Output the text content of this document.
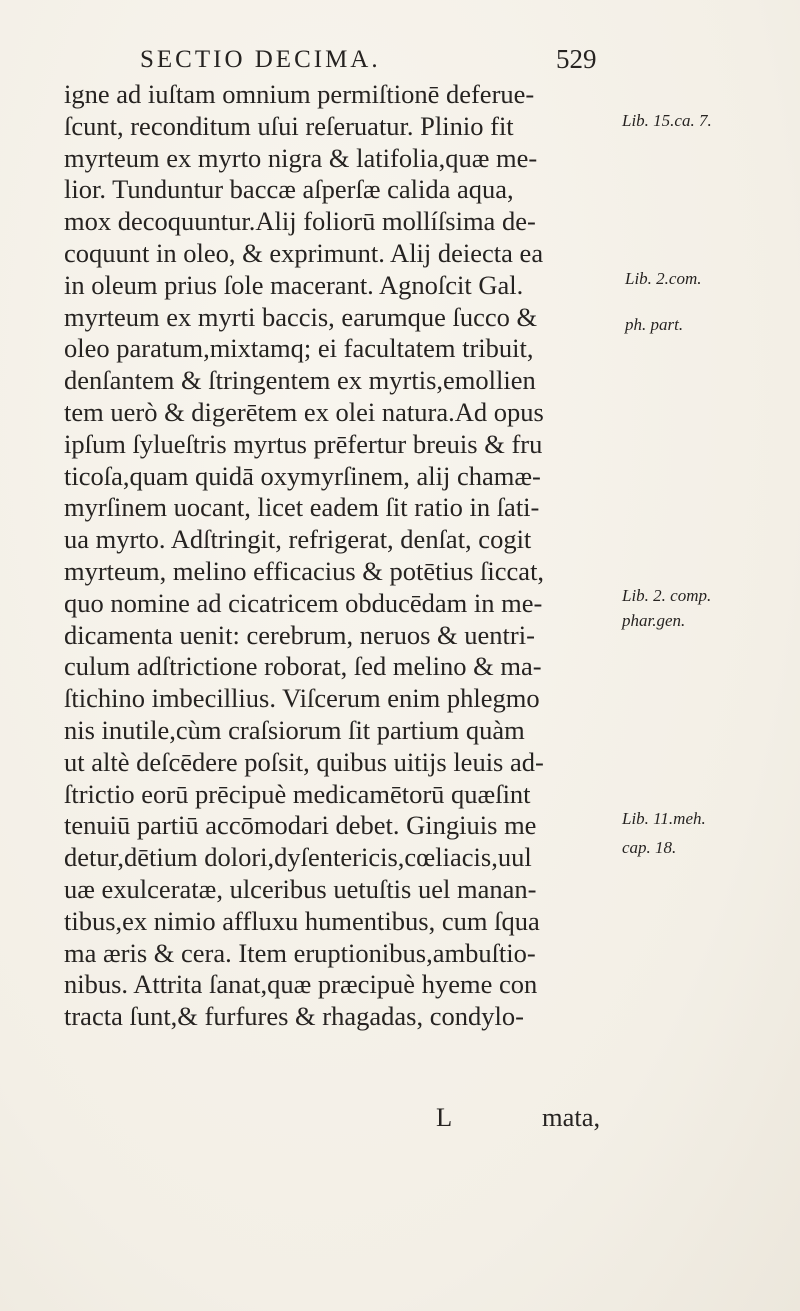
SECTIO DECIMA.	529
igne ad iuſtam omnium permiſtionē deferue-
ſcunt, reconditum uſui reſeruatur. Plinio fit
myrteum ex myrto nigra & latifolia,quæ me-
lior. Tunduntur baccæ aſperſæ calida aqua,
mox decoquuntur.Alij foliorū mollíſsima de-
coquunt in oleo, & exprimunt. Alij deiecta ea
in oleum prius ſole macerant. Agnoſcit Gal.
myrteum ex myrti baccis, earumque ſucco &
oleo paratum,mixtamq; ei facultatem tribuit,
denſantem & ſtringentem ex myrtis,emollien
tem uerò & digerētem ex olei natura.Ad opus
ipſum ſylueſtris myrtus prēfertur breuis & fru
ticoſa,quam quidā oxymyrſinem, alij chamæ-
myrſinem uocant, licet eadem ſit ratio in ſati-
ua myrto. Adſtringit, refrigerat, denſat, cogit
myrteum, melino efficacius & potētius ſiccat,
quo nomine ad cicatricem obducēdam in me-
dicamenta uenit: cerebrum, neruos & uentri-
culum adſtrictione roborat, ſed melino & ma-
ſtichino imbecillius. Viſcerum enim phlegmo
nis inutile,cùm craſsiorum ſit partium quàm
ut altè deſcēdere poſsit, quibus uitijs leuis ad-
ſtrictio eorū prēcipuè medicamētorū quæſint
tenuiū partiū accōmodari debet. Gingiuis me
detur,dētium dolori,dyſentericis,cœliacis,uul
uæ exulceratæ, ulceribus uetuſtis uel manan-
tibus,ex nimio affluxu humentibus, cum ſqua
ma æris & cera. Item eruptionibus,ambuſtio-
nibus. Attrita ſanat,quæ præcipuè hyeme con
tracta ſunt,& furfures & rhagadas, condylo-
L	mata,
Lib. 15.ca. 7.
Lib. 2.com.
ph. part.
Lib. 2. comp.
phar.gen.
Lib. 11.meh.
cap. 18.
